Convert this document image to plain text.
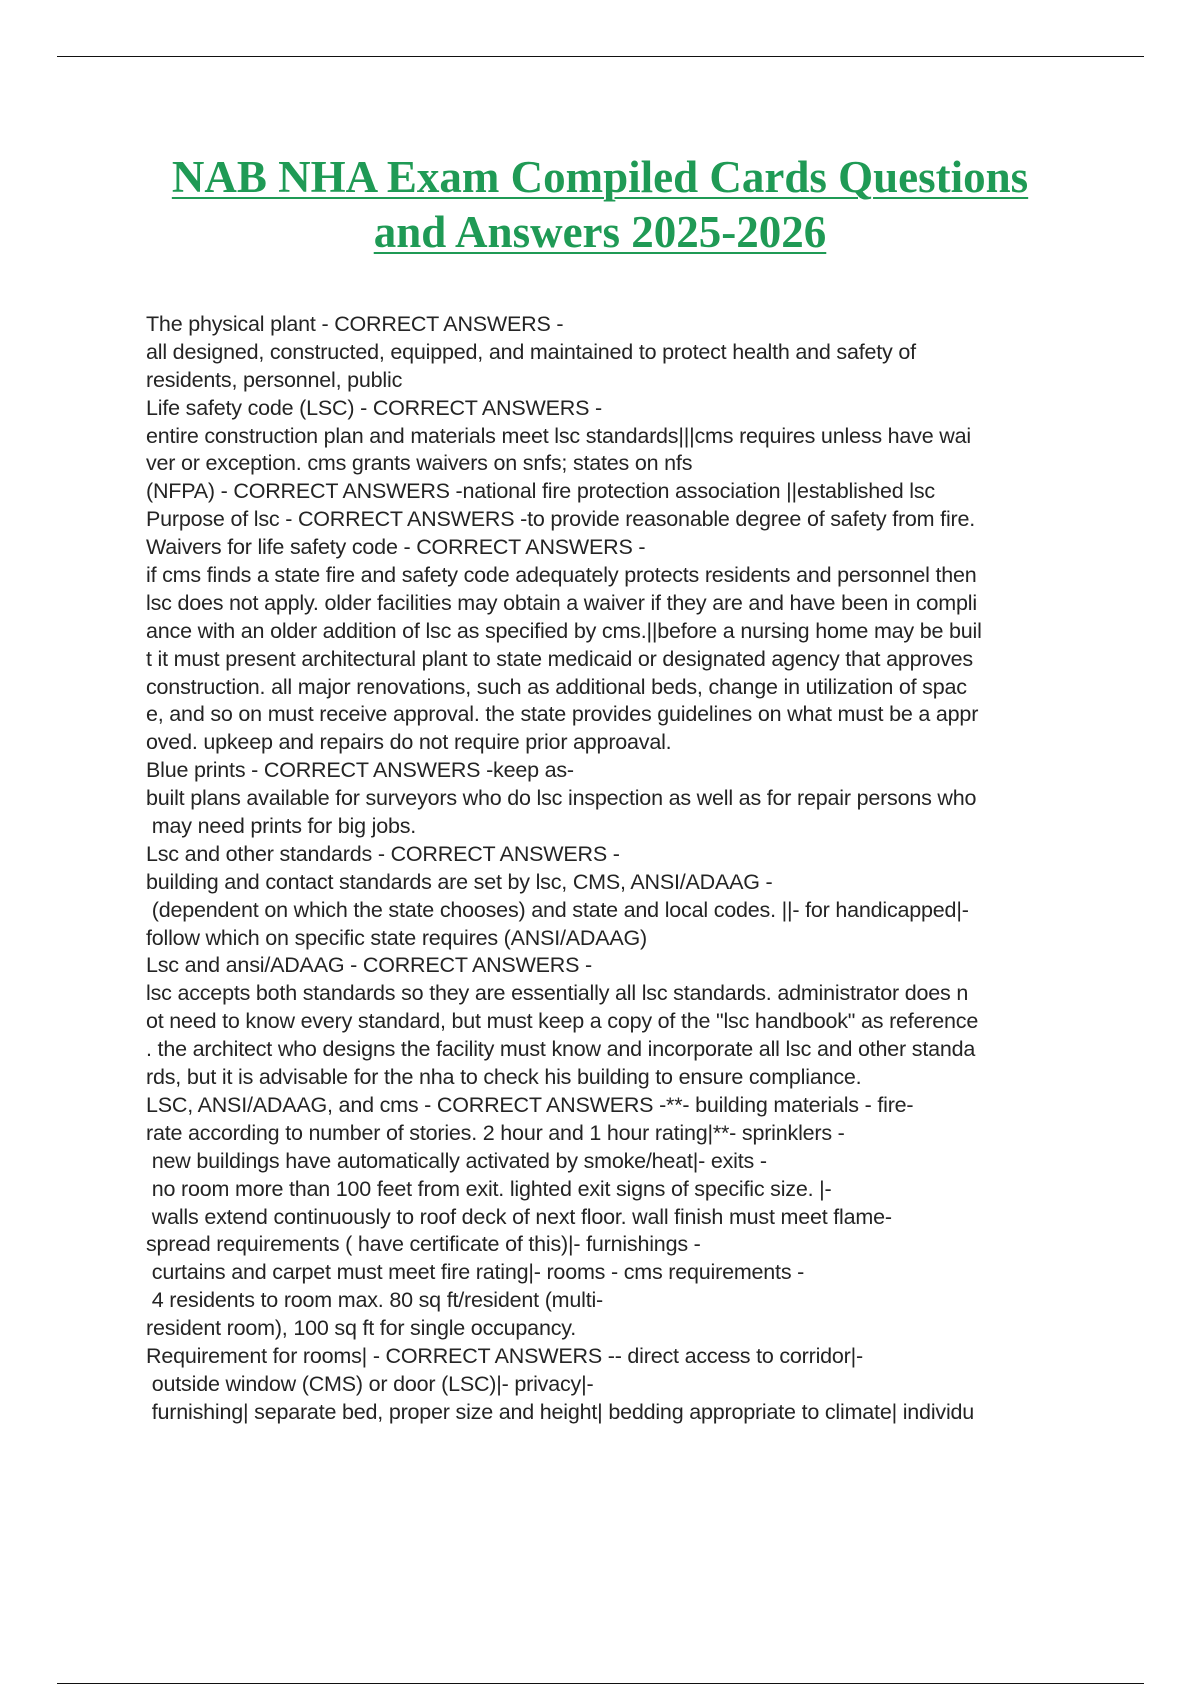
NAB NHA Exam Compiled Cards Questions
and Answers 2025-2026
The physical plant - CORRECT ANSWERS -
all designed, constructed, equipped, and maintained to protect health and safety of
residents, personnel, public
Life safety code (LSC) - CORRECT ANSWERS -
entire construction plan and materials meet lsc standards|||cms requires unless have wai
ver or exception. cms grants waivers on snfs; states on nfs
(NFPA) - CORRECT ANSWERS -national fire protection association ||established lsc
Purpose of lsc - CORRECT ANSWERS -to provide reasonable degree of safety from fire.
Waivers for life safety code - CORRECT ANSWERS -
if cms finds a state fire and safety code adequately protects residents and personnel then
lsc does not apply. older facilities may obtain a waiver if they are and have been in compli
ance with an older addition of lsc as specified by cms.||before a nursing home may be buil
t it must present architectural plant to state medicaid or designated agency that approves
construction. all major renovations, such as additional beds, change in utilization of spac
e, and so on must receive approval. the state provides guidelines on what must be a appr
oved. upkeep and repairs do not require prior approaval.
Blue prints - CORRECT ANSWERS -keep as-
built plans available for surveyors who do lsc inspection as well as for repair persons who
may need prints for big jobs.
Lsc and other standards - CORRECT ANSWERS -
building and contact standards are set by lsc, CMS, ANSI/ADAAG -
(dependent on which the state chooses) and state and local codes. ||- for handicapped|-
follow which on specific state requires (ANSI/ADAAG)
Lsc and ansi/ADAAG - CORRECT ANSWERS -
lsc accepts both standards so they are essentially all lsc standards. administrator does n
ot need to know every standard, but must keep a copy of the "lsc handbook" as reference
. the architect who designs the facility must know and incorporate all lsc and other standa
rds, but it is advisable for the nha to check his building to ensure compliance.
LSC, ANSI/ADAAG, and cms - CORRECT ANSWERS -**- building materials - fire-
rate according to number of stories. 2 hour and 1 hour rating|**- sprinklers -
new buildings have automatically activated by smoke/heat|- exits -
no room more than 100 feet from exit. lighted exit signs of specific size. |-
walls extend continuously to roof deck of next floor. wall finish must meet flame-
spread requirements ( have certificate of this)|- furnishings -
curtains and carpet must meet fire rating|- rooms - cms requirements -
4 residents to room max. 80 sq ft/resident (multi-
resident room), 100 sq ft for single occupancy.
Requirement for rooms| - CORRECT ANSWERS -- direct access to corridor|-
outside window (CMS) or door (LSC)|- privacy|-
furnishing| separate bed, proper size and height| bedding appropriate to climate| individu
